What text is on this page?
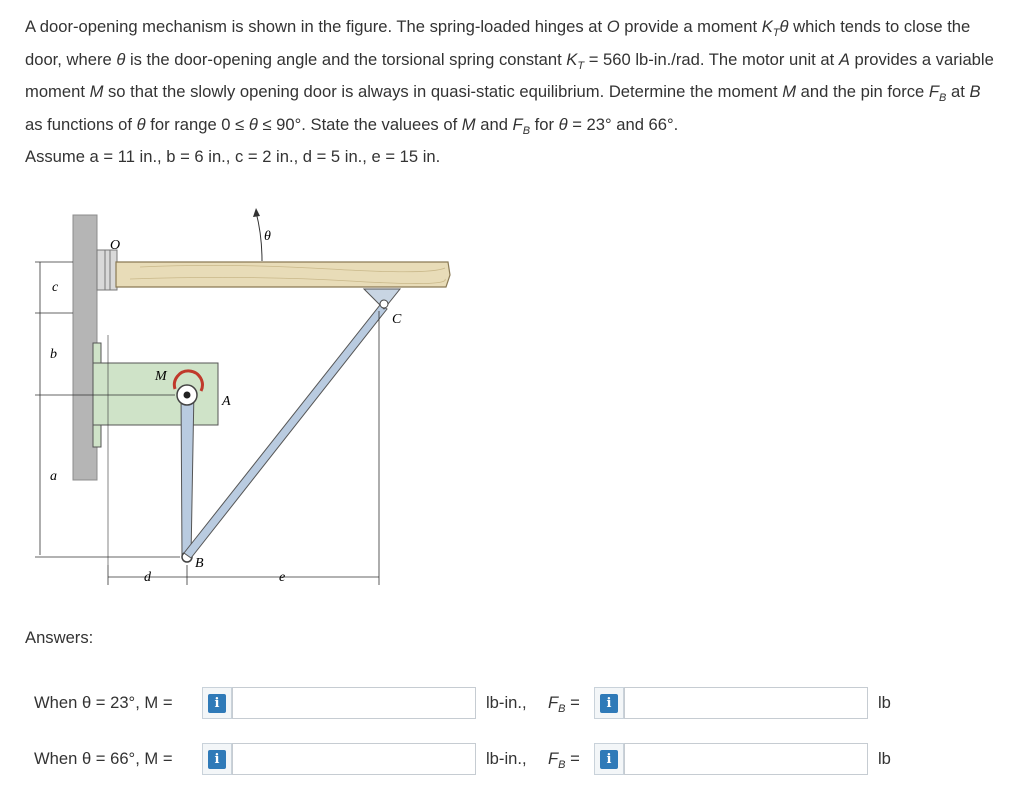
A door-opening mechanism is shown in the figure. The spring-loaded hinges at O provide a moment $K_T\theta$ which tends to close the door, where θ is the door-opening angle and the torsional spring constant $K_T = 560$ lb-in./rad. The motor unit at A provides a variable moment M so that the slowly opening door is always in quasi-static equilibrium. Determine the moment M and the pin force $F_B$ at B as functions of θ for range 0 ≤ θ ≤ 90°. State the valuees of M and $F_B$ for θ = 23° and 66°.

Assume a = 11 in., b = 6 in., c = 2 in., d = 5 in., e = 15 in.

O
θ
C
M
A
B
c
b
a
d	e
Answers:
When θ = 23°, M =	i	lb-in., $F_B$ =	i	lb
When θ = 66°, M =	i	lb-in., $F_B$ =	i	lb
